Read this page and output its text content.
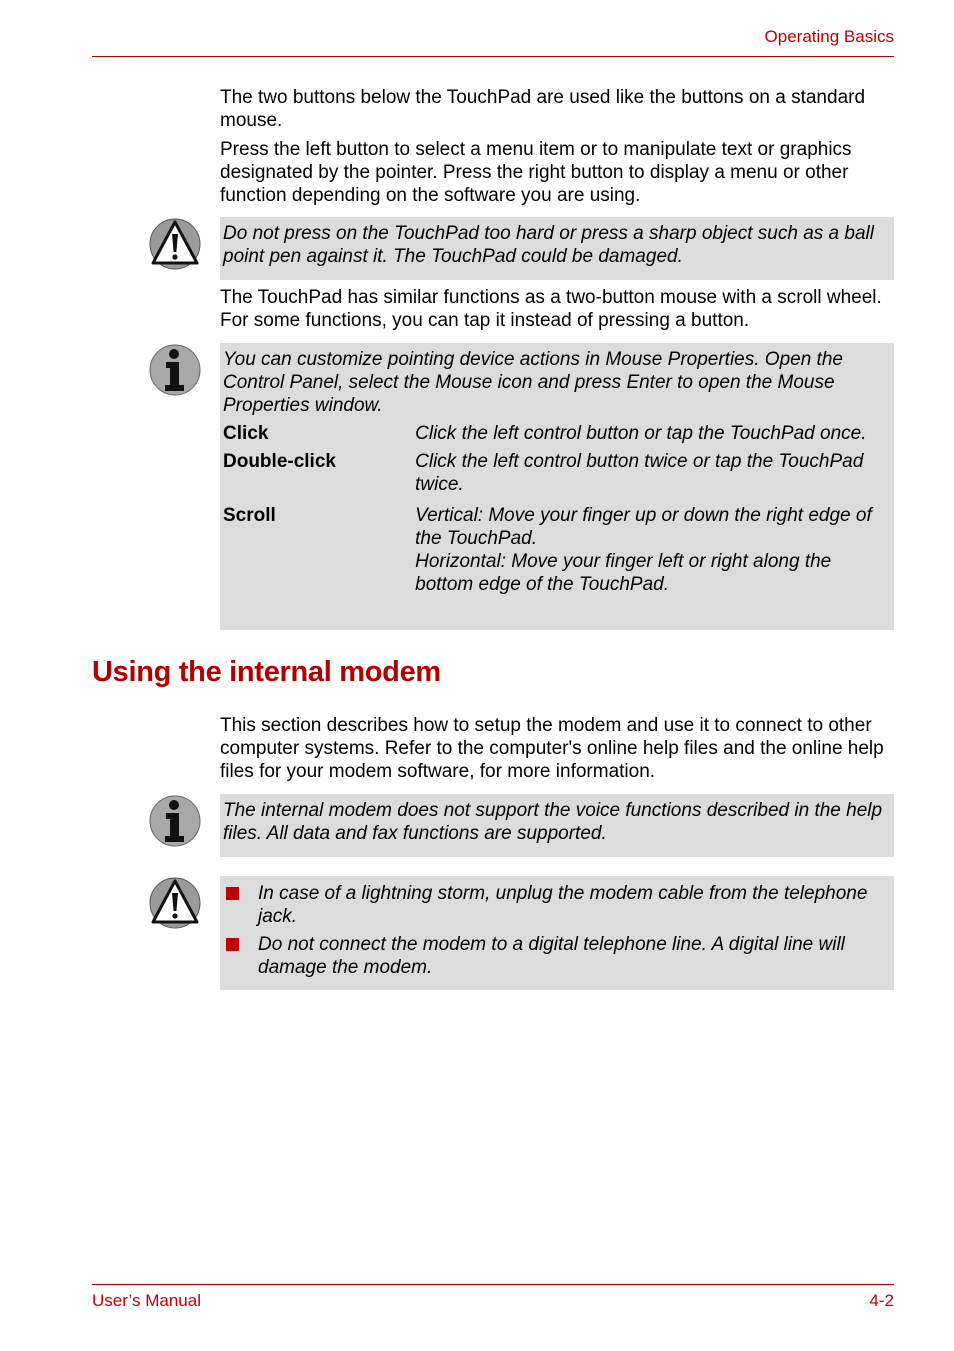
Operating Basics

The two buttons below the TouchPad are used like the buttons on a standard mouse.

Press the left button to select a menu item or to manipulate text or graphics designated by the pointer. Press the right button to display a menu or other function depending on the software you are using.

Do not press on the TouchPad too hard or press a sharp object such as a ball point pen against it. The TouchPad could be damaged.

The TouchPad has similar functions as a two-button mouse with a scroll wheel. For some functions, you can tap it instead of pressing a button.

You can customize pointing device actions in Mouse Properties. Open the Control Panel, select the Mouse icon and press Enter to open the Mouse Properties window.

Click	Click the left control button or tap the TouchPad once.
Double-click	Click the left control button twice or tap the TouchPad twice.
Scroll	Vertical: Move your finger up or down the right edge of the TouchPad.
Horizontal: Move your finger left or right along the bottom edge of the TouchPad.
Using the internal modem

This section describes how to setup the modem and use it to connect to other computer systems. Refer to the computer's online help files and the online help files for your modem software, for more information.

The internal modem does not support the voice functions described in the help files. All data and fax functions are supported.

In case of a lightning storm, unplug the modem cable from the telephone jack.
Do not connect the modem to a digital telephone line. A digital line will damage the modem.
User’s Manual	4-2
